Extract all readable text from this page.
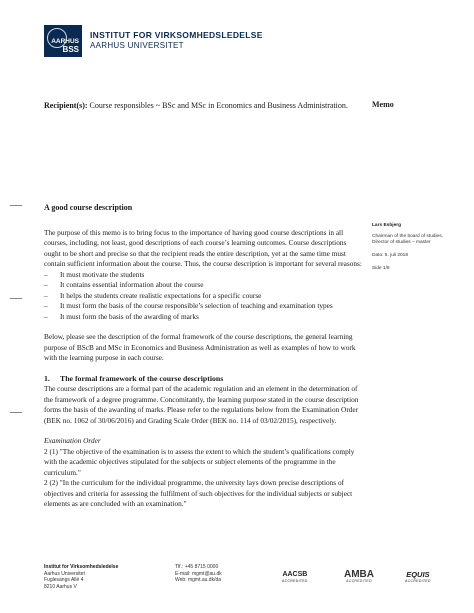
AARHUS
BSS
INSTITUT FOR VIRKSOMHEDSLEDELSE
AARHUS UNIVERSITET
Recipient(s): Course responsibles ~ BSc and MSc in Economics and Business Administration.	Memo
Lars Esbjerg
Chairman of the board of studies, Director of studies – master
Dato: 5. juli 2018
Side 1/8
A good course description

The purpose of this memo is to bring focus to the importance of having good course descriptions in all courses, including, not least, good descriptions of each course’s learning outcomes. Course descriptions ought to be short and precise so that the recipient reads the entire description, yet at the same time must contain sufficient information about the course. Thus, the course description is important for several reasons:

– It must motivate the students
– It contains essential information about the course
– It helps the students create realistic expectations for a specific course
– It must form the basis of the course responsible’s selection of teaching and examination types
– It must form the basis of the awarding of marks

Below, please see the description of the formal framework of the course descriptions, the general learning purpose of BScB and MSc in Economics and Business Administration as well as examples of how to work with the learning purpose in each course.

1. The formal framework of the course descriptions

The course descriptions are a formal part of the academic regulation and an element in the determination of the framework of a degree programme. Concomitantly, the learning purpose stated in the course description forms the basis of the awarding of marks. Please refer to the regulations below from the Examination Order (BEK no. 1062 of 30/06/2016) and Grading Scale Order (BEK no. 114 of 03/02/2015), respectively.

Examination Order

2 (1) "The objective of the examination is to assess the extent to which the student’s qualifications comply with the academic objectives stipulated for the subjects or subject elements of the programme in the curriculum."

2 (2) "In the curriculum for the individual programme, the university lays down precise descriptions of objectives and criteria for assessing the fulfilment of such objectives for the individual subjects or subject elements as are concluded with an examination."

Institut for Virksomhedsledelse
Aarhus Universitet
Fuglesangs Allé 4
8210 Aarhus V
Tlf.: +45 8715 0000
E-mail: mgmt@au.dk
Web: mgmt.au.dk/da
AACSB
ACCREDITED
AMBA
ACCREDITED
EQUIS
ACCREDITED
